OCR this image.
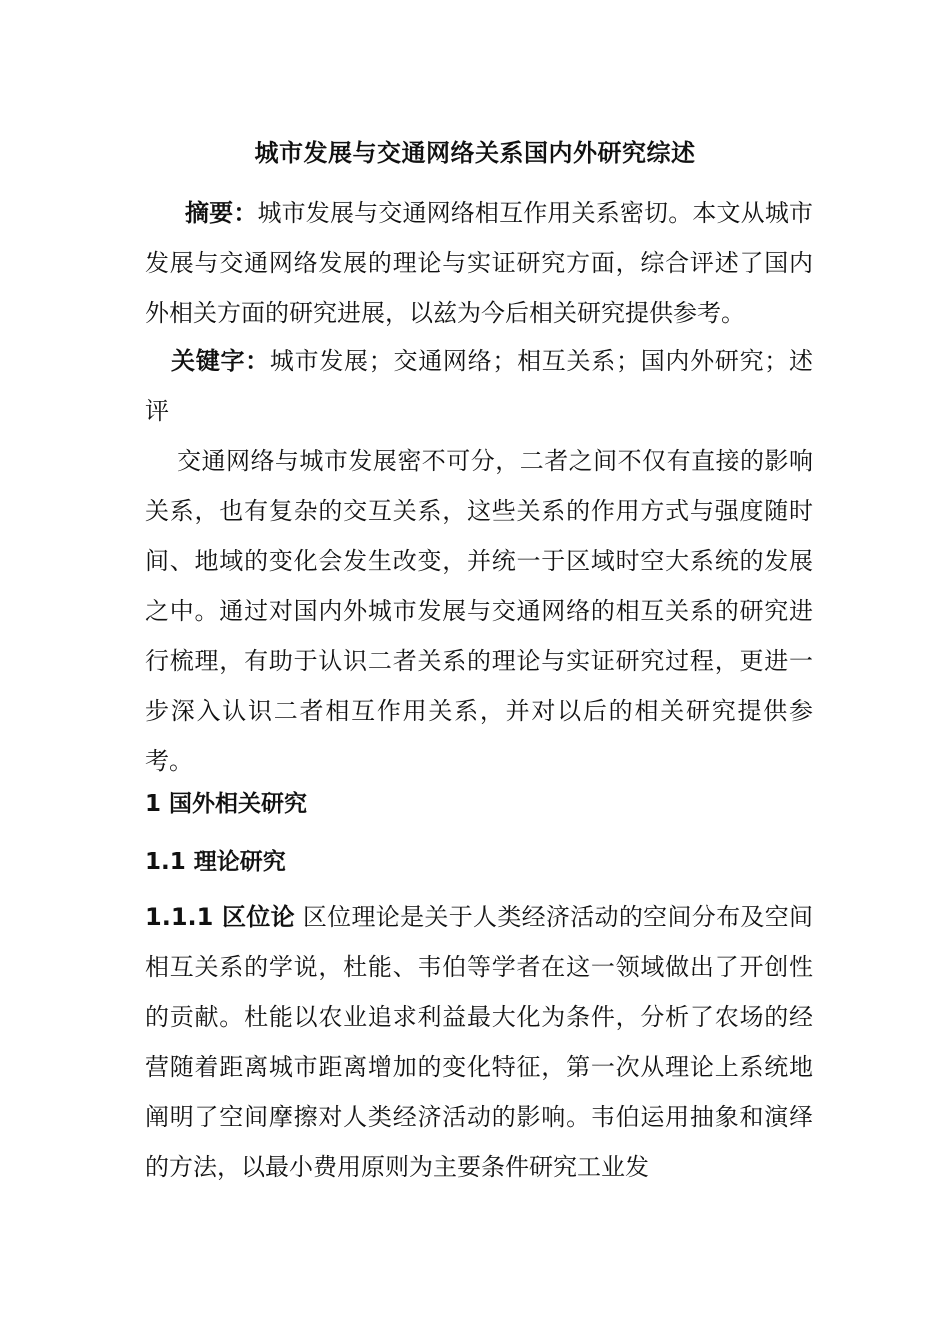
城市发展与交通网络关系国内外研究综述

摘要：城市发展与交通网络相互作用关系密切。本文从城市发展与交通网络发展的理论与实证研究方面，综合评述了国内外相关方面的研究进展，以兹为今后相关研究提供参考。

关键字：城市发展；交通网络；相互关系；国内外研究；述评

交通网络与城市发展密不可分，二者之间不仅有直接的影响关系，也有复杂的交互关系，这些关系的作用方式与强度随时间、地域的变化会发生改变，并统一于区域时空大系统的发展之中。通过对国内外城市发展与交通网络的相互关系的研究进行梳理，有助于认识二者关系的理论与实证研究过程，更进一步深入认识二者相互作用关系，并对以后的相关研究提供参考。

1 国外相关研究
1.1 理论研究

1.1.1 区位论 区位理论是关于人类经济活动的空间分布及空间相互关系的学说，杜能、韦伯等学者在这一领域做出了开创性的贡献。杜能以农业追求利益最大化为条件，分析了农场的经营随着距离城市距离增加的变化特征，第一次从理论上系统地阐明了空间摩擦对人类经济活动的影响。韦伯运用抽象和演绎的方法，以最小费用原则为主要条件研究工业发
